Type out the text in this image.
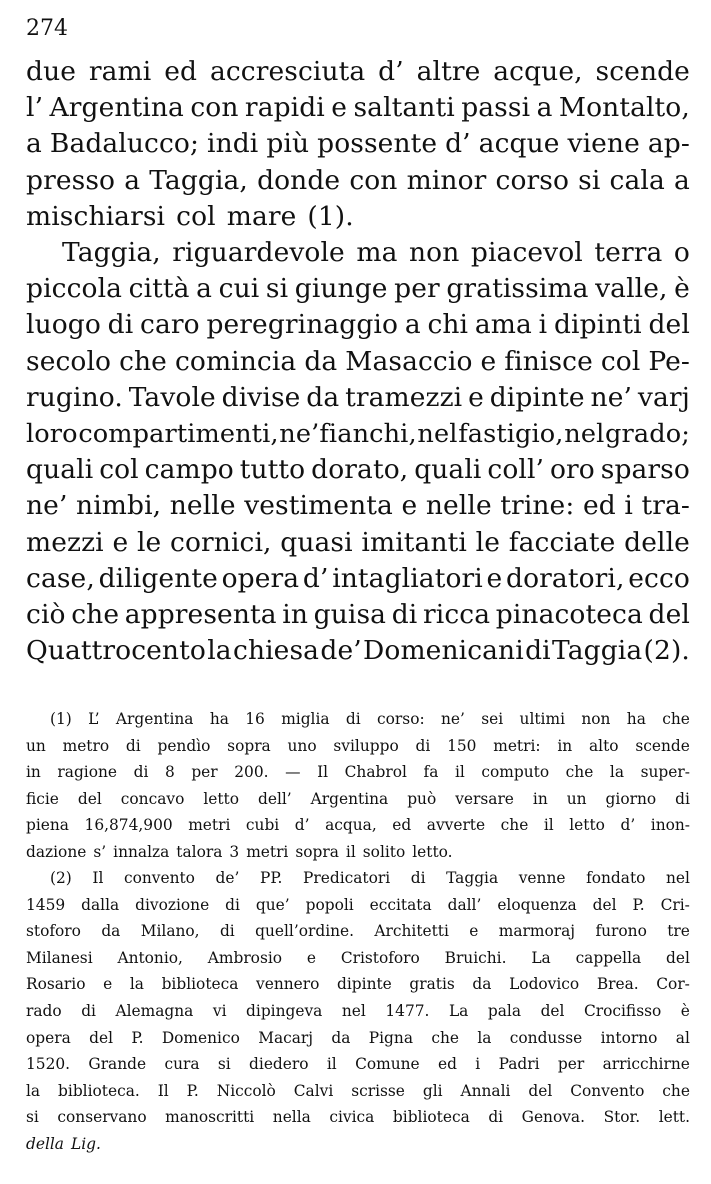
274
due rami ed accresciuta d’ altre acque, scende
l’ Argentina con rapidi e saltanti passi a Montalto,
a Badalucco; indi più possente d’ acque viene ap-
presso a Taggia, donde con minor corso si cala a
mischiarsi col mare (1).
Taggia, riguardevole ma non piacevol terra o
piccola città a cui si giunge per gratissima valle, è
luogo di caro peregrinaggio a chi ama i dipinti del
secolo che comincia da Masaccio e finisce col Pe-
rugino. Tavole divise da tramezzi e dipinte ne’ varj
loro compartimenti, ne’fianchi, nel fastigio, nel grado;
quali col campo tutto dorato, quali coll’ oro sparso
ne’ nimbi, nelle vestimenta e nelle trine: ed i tra-
mezzi e le cornici, quasi imitanti le facciate delle
case, diligente opera d’ intagliatori e doratori, ecco
ciò che appresenta in guisa di ricca pinacoteca del
Quattrocento la chiesa de’ Domenicani di Taggia (2).
(1) L’ Argentina ha 16 miglia di corso: ne’ sei ultimi non ha che
un metro di pendìo sopra uno sviluppo di 150 metri: in alto scende
in ragione di 8 per 200. — Il Chabrol fa il computo che la super-
ficie del concavo letto dell’ Argentina può versare in un giorno di
piena 16,874,900 metri cubi d’ acqua, ed avverte che il letto d’ inon-
dazione s’ innalza talora 3 metri sopra il solito letto.
(2) Il convento de’ PP. Predicatori di Taggia venne fondato nel
1459 dalla divozione di que’ popoli eccitata dall’ eloquenza del P. Cri-
stoforo da Milano, di quell’ordine. Architetti e marmoraj furono tre
Milanesi Antonio, Ambrosio e Cristoforo Bruichi. La cappella del
Rosario e la biblioteca vennero dipinte gratis da Lodovico Brea. Cor-
rado di Alemagna vi dipingeva nel 1477. La pala del Crocifisso è
opera del P. Domenico Macarj da Pigna che la condusse intorno al
1520. Grande cura si diedero il Comune ed i Padri per arricchirne
la biblioteca. Il P. Niccolò Calvi scrisse gli Annali del Convento che
si conservano manoscritti nella civica biblioteca di Genova. Stor. lett.
della Lig.
